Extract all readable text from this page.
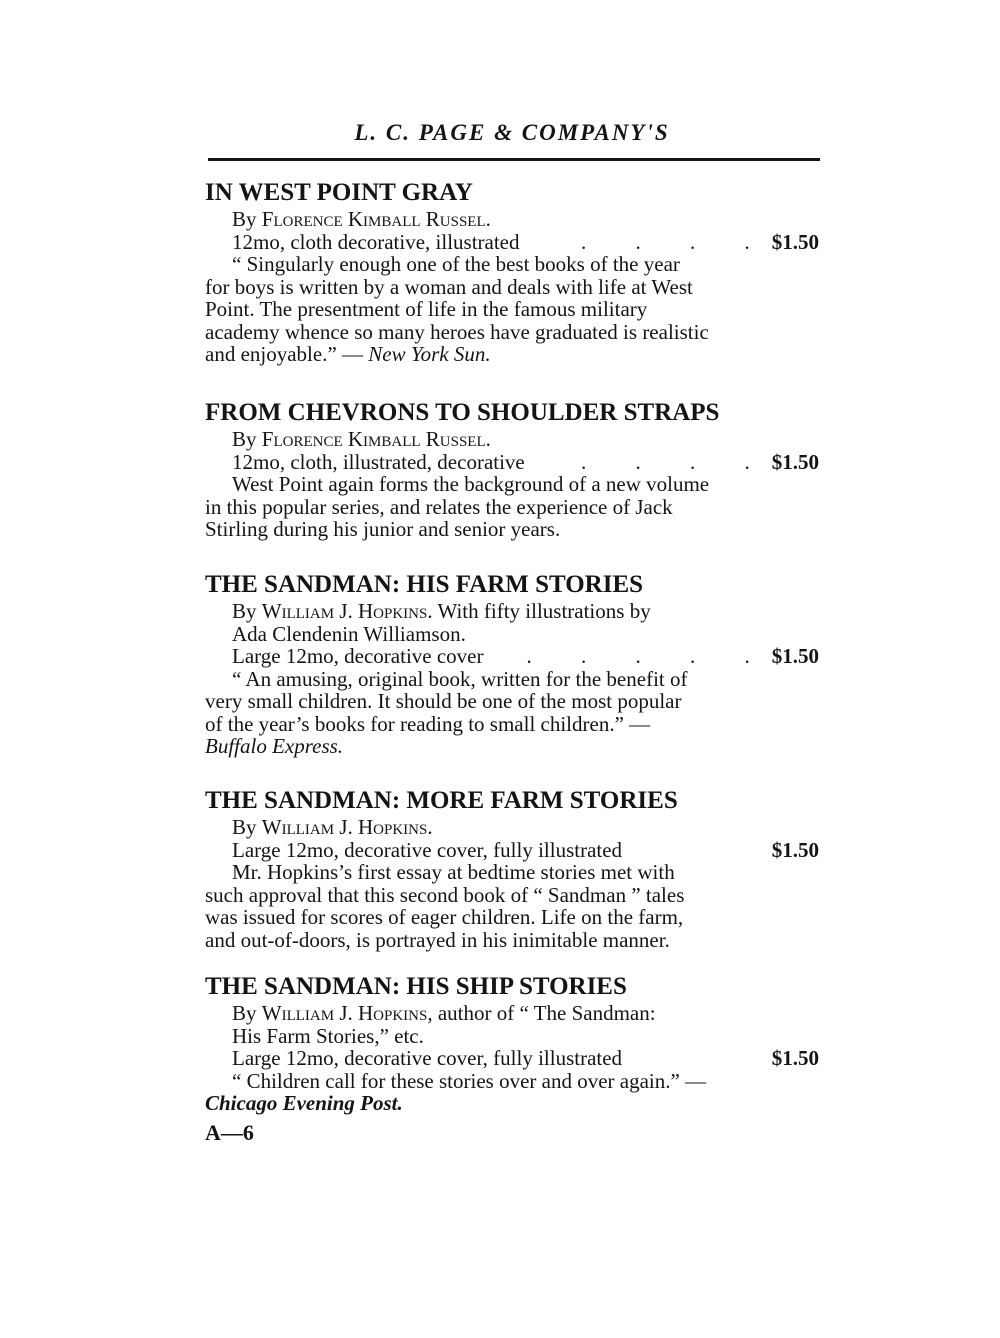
L. C. PAGE & COMPANY'S
IN WEST POINT GRAY
By Florence Kimball Russel.
12mo, cloth decorative, illustrated	. . . .$1.50
“ Singularly enough one of the best books of the year
for boys is written by a woman and deals with life at West
Point. The presentment of life in the famous military
academy whence so many heroes have graduated is realistic
and enjoyable.” — New York Sun.
FROM CHEVRONS TO SHOULDER STRAPS
By Florence Kimball Russel.
12mo, cloth, illustrated, decorative	. . . .$1.50
West Point again forms the background of a new volume
in this popular series, and relates the experience of Jack
Stirling during his junior and senior years.
THE SANDMAN: HIS FARM STORIES
By William J. Hopkins. With fifty illustrations by
Ada Clendenin Williamson.
Large 12mo, decorative cover . . . . .$1.50
“ An amusing, original book, written for the benefit of
very small children. It should be one of the most popular
of the year’s books for reading to small children.” —
Buffalo Express.
THE SANDMAN: MORE FARM STORIES
By William J. Hopkins.
Large 12mo, decorative cover, fully illustrated	$1.50
Mr. Hopkins’s first essay at bedtime stories met with
such approval that this second book of “ Sandman ” tales
was issued for scores of eager children. Life on the farm,
and out-of-doors, is portrayed in his inimitable manner.
THE SANDMAN: HIS SHIP STORIES
By William J. Hopkins, author of “ The Sandman:
His Farm Stories,” etc.
Large 12mo, decorative cover, fully illustrated	$1.50
“ Children call for these stories over and over again.” —
Chicago Evening Post.
A—6
